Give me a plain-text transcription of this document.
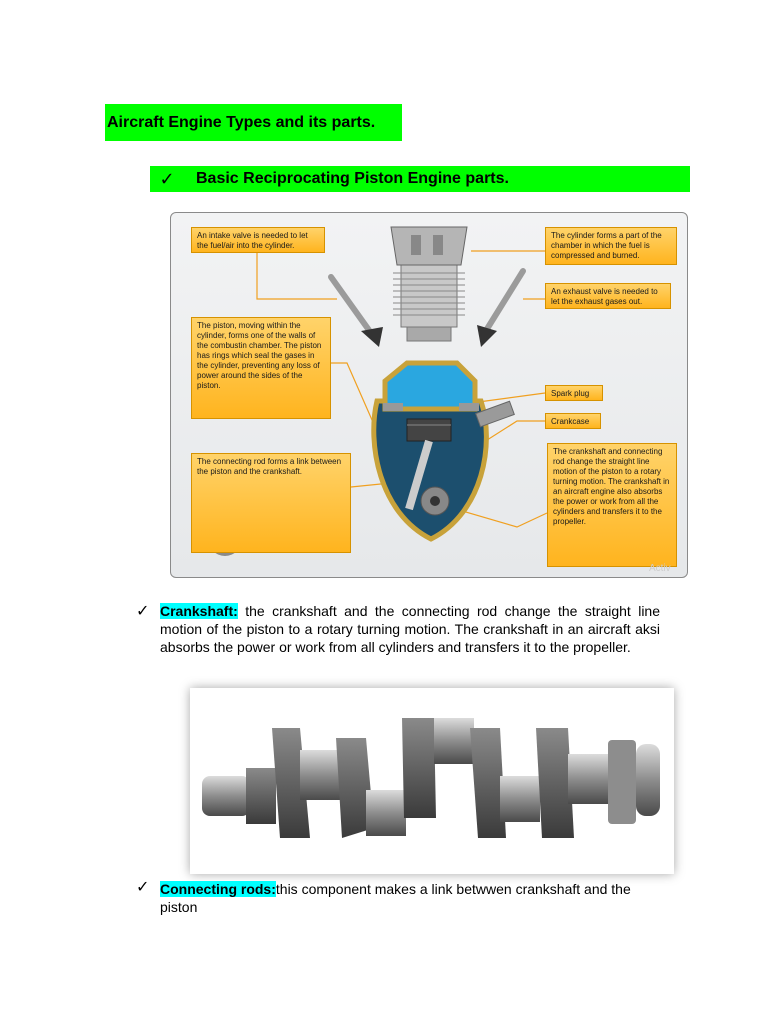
Aircraft Engine Types and its parts.
✓	Basic Reciprocating Piston Engine parts.
An intake valve is needed to let the fuel/air into the cylinder.
The cylinder forms a part of the chamber in which the fuel is compressed and burned.
An exhaust valve is needed to let the exhaust gases out.
The piston, moving within the cylinder, forms one of the walls of the combustin chamber. The piston has rings which seal the gases in the cylinder, preventing any loss of power around the sides of the piston.
Spark plug
Crankcase
The connecting rod forms a link between the piston and the crankshaft.
The crankshaft and connecting rod change the straight line motion of the piston to a rotary turning motion. The crankshaft in an aircraft engine also absorbs the power or work from all the cylinders and transfers it to the propeller.
Activ
✓ Crankshaft: the crankshaft and the connecting rod change the straight line motion of the piston to a rotary turning motion. The crankshaft in an aircraft aksi absorbs the power or work from all cylinders and transfers it to the propeller.
✓ Connecting rods:this component makes a link betwwen crankshaft and the piston
